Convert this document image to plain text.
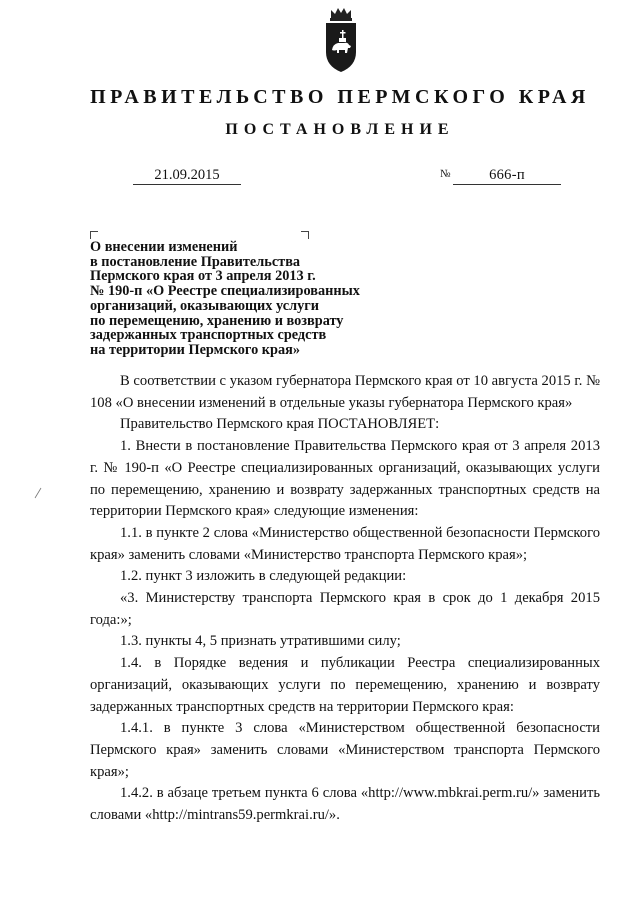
ПРАВИТЕЛЬСТВО ПЕРМСКОГО КРАЯ
ПОСТАНОВЛЕНИЕ
21.09.2015	№	666-п
О внесении изменений
в постановление Правительства
Пермского края от 3 апреля 2013 г.
№ 190-п «О Реестре специализированных
организаций, оказывающих услуги
по перемещению, хранению и возврату
задержанных транспортных средств
на территории Пермского края»

В соответствии с указом губернатора Пермского края от 10 августа 2015 г. № 108 «О внесении изменений в отдельные указы губернатора Пермского края»

Правительство Пермского края ПОСТАНОВЛЯЕТ:

1. Внести в постановление Правительства Пермского края от 3 апреля 2013 г. № 190-п «О Реестре специализированных организаций, оказывающих услуги по перемещению, хранению и возврату задержанных транспортных средств на территории Пермского края» следующие изменения:

1.1. в пункте 2 слова «Министерство общественной безопасности Пермского края» заменить словами «Министерство транспорта Пермского края»;

1.2. пункт 3 изложить в следующей редакции:

«3. Министерству транспорта Пермского края в срок до 1 декабря 2015 года:»;

1.3. пункты 4, 5 признать утратившими силу;

1.4. в Порядке ведения и публикации Реестра специализированных организаций, оказывающих услуги по перемещению, хранению и возврату задержанных транспортных средств на территории Пермского края:

1.4.1. в пункте 3 слова «Министерством общественной безопасности Пермского края» заменить словами «Министерством транспорта Пермского края»;

1.4.2. в абзаце третьем пункта 6 слова «http://www.mbkrai.perm.ru/» заменить словами «http://mintrans59.permkrai.ru/».
